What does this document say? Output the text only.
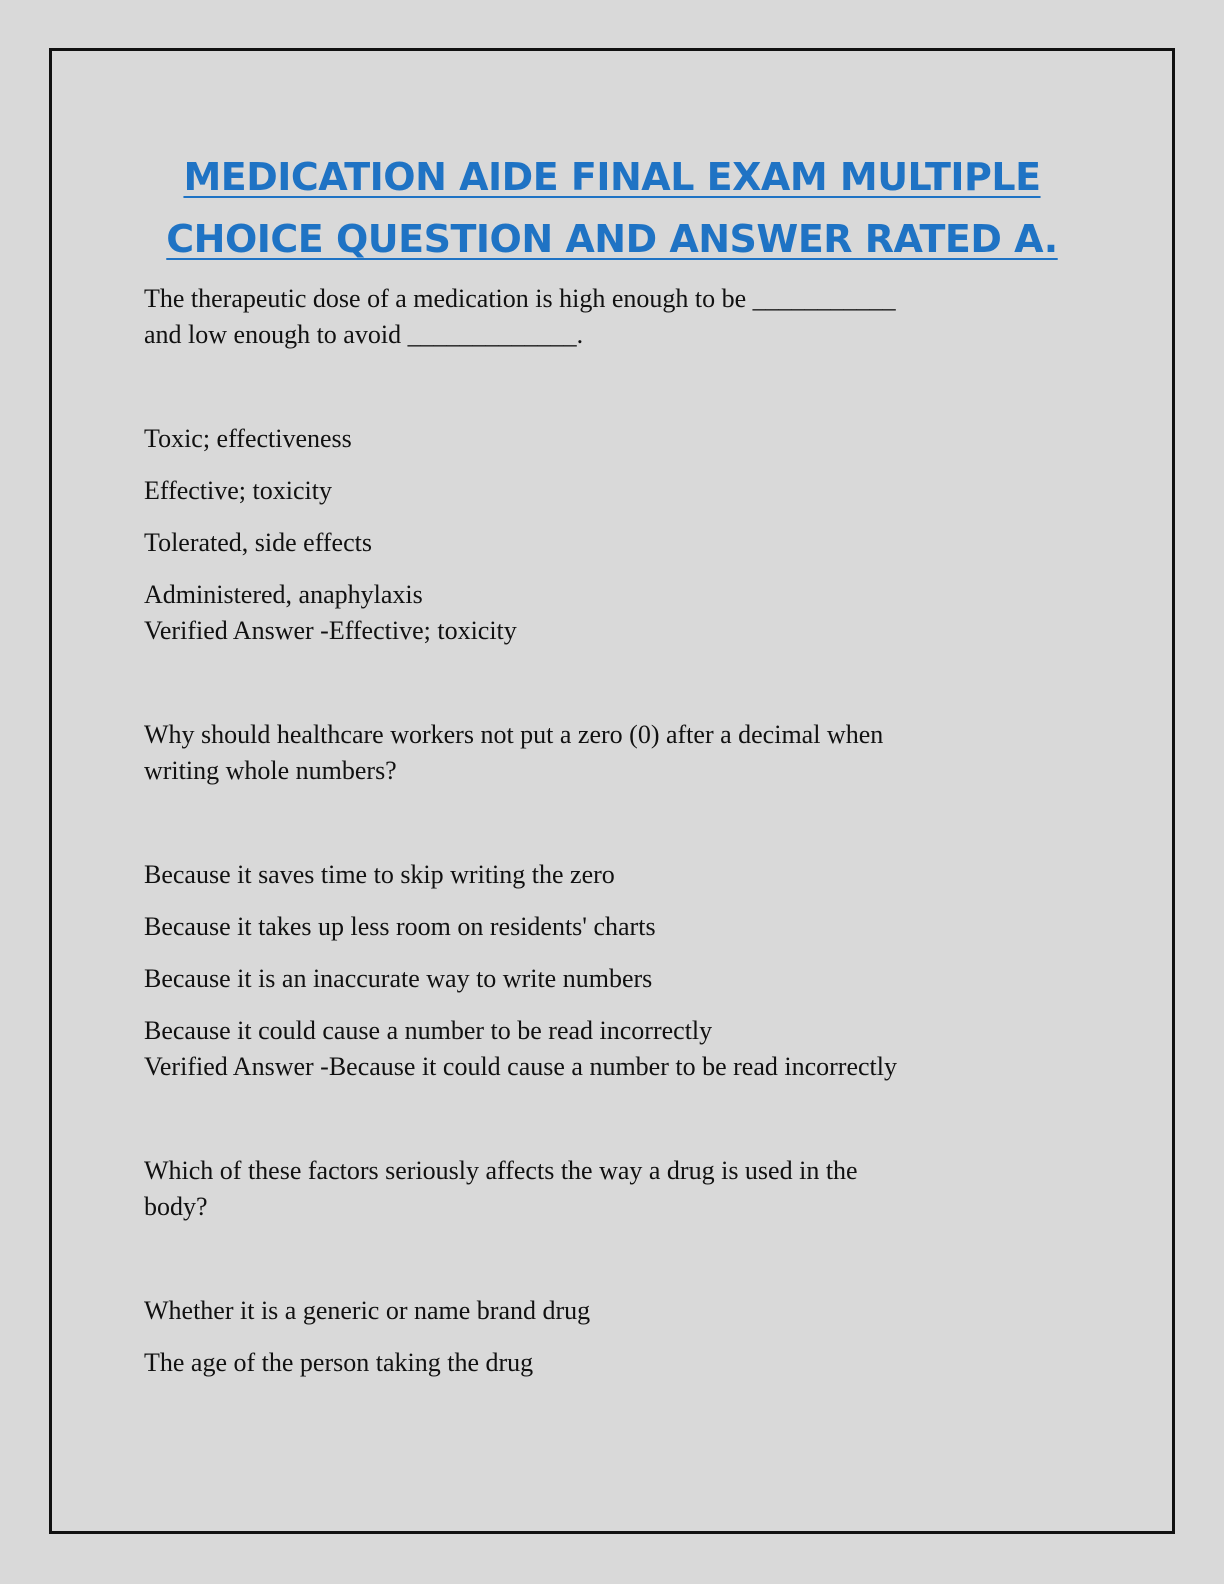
MEDICATION AIDE FINAL EXAM MULTIPLE
CHOICE QUESTION AND ANSWER RATED A.
The therapeutic dose of a medication is high enough to be ___________
and low enough to avoid _____________.
Toxic; effectiveness
Effective; toxicity
Tolerated, side effects
Administered, anaphylaxis
Verified Answer -Effective; toxicity
Why should healthcare workers not put a zero (0) after a decimal when
writing whole numbers?
Because it saves time to skip writing the zero
Because it takes up less room on residents' charts
Because it is an inaccurate way to write numbers
Because it could cause a number to be read incorrectly
Verified Answer -Because it could cause a number to be read incorrectly
Which of these factors seriously affects the way a drug is used in the
body?
Whether it is a generic or name brand drug
The age of the person taking the drug
